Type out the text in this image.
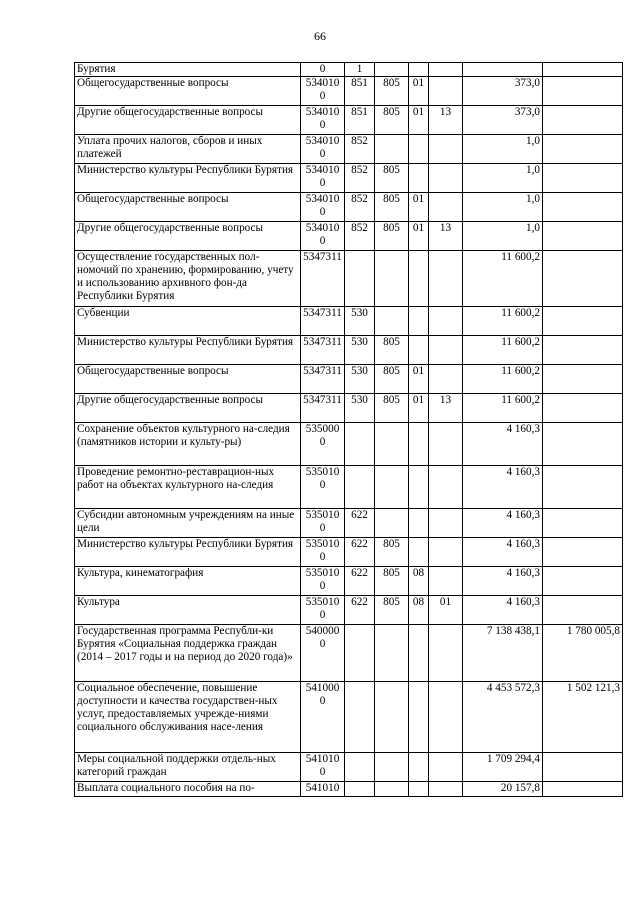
66
Бурятия	0	1					
Общегосударственные вопросы	5340100	851	805	01		373,0	
Другие общегосударственные вопросы	5340100	851	805	01	13	373,0	
Уплата прочих налогов, сборов и иных платежей	5340100	852				1,0	
Министерство культуры Республики Бурятия	5340100	852	805			1,0	
Общегосударственные вопросы	5340100	852	805	01		1,0	
Другие общегосударственные вопросы	5340100	852	805	01	13	1,0	
Осуществление государственных пол-номочий по хранению, формированию, учету и использованию архивного фон-да Республики Бурятия	5347311					11 600,2	
Субвенции	5347311	530				11 600,2	
Министерство культуры Республики Бурятия	5347311	530	805			11 600,2	
Общегосударственные вопросы	5347311	530	805	01		11 600,2	
Другие общегосударственные вопросы	5347311	530	805	01	13	11 600,2	
Сохранение объектов культурного на-следия (памятников истории и культу-ры)	5350000					4 160,3	
Проведение ремонтно-реставрацион-ных работ на объектах культурного на-следия	5350100					4 160,3	
Субсидии автономным учреждениям на иные цели	5350100	622				4 160,3	
Министерство культуры Республики Бурятия	5350100	622	805			4 160,3	
Культура, кинематография	5350100	622	805	08		4 160,3	
Культура	5350100	622	805	08	01	4 160,3	
Государственная программа Республи-ки Бурятия «Социальная поддержка граждан (2014 – 2017 годы и на период до 2020 года)»	5400000					7 138 438,1	1 780 005,8
Социальное обеспечение, повышение доступности и качества государствен-ных услуг, предоставляемых учрежде-ниями социального обслуживания насе-ления	5410000					4 453 572,3	1 502 121,3
Меры социальной поддержки отдель-ных категорий граждан	5410100					1 709 294,4	
Выплата социального пособия на по-	541010					20 157,8	
